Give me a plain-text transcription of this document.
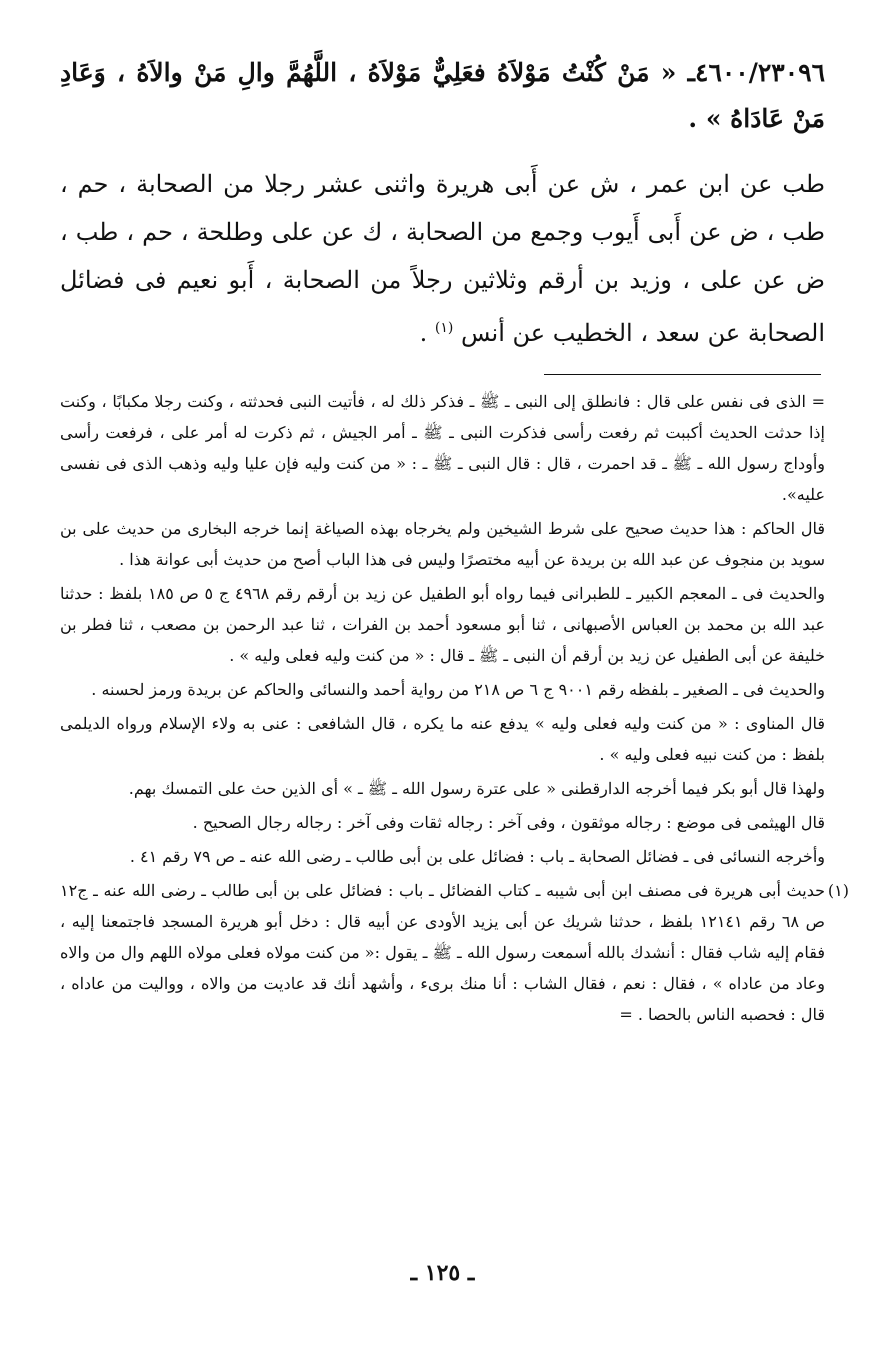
٤٦٠٠/٢٣٠٩٦ـ « مَنْ كُنْتُ مَوْلاَهُ فعَلِيٌّ مَوْلاَهُ ، اللَّهُمَّ والِ مَنْ والاَهُ ، وَعَادِ مَنْ عَادَاهُ » .
طب عن ابن عمر ، ش عن أَبى هريرة واثنى عشر رجلا من الصحابة ، حم ، طب ، ض عن أَبى أَيوب وجمع من الصحابة ، ك عن على وطلحة ، حم ، طب ، ض عن على ، وزيد بن أرقم وثلاثين رجلاً من الصحابة ، أَبو نعيم فى فضائل الصحابة عن سعد ، الخطيب عن أنس $^{(١)}$ .

= الذى فى نفس على قال : فانطلق إلى النبى ـ ﷺ ـ فذكر ذلك له ، فأتيت النبى فحدثته ، وكنت رجلا مكبابًا ، وكنت إذا حدثت الحديث أكببت ثم رفعت رأسى فذكرت النبى ـ ﷺ ـ أمر الجيش ، ثم ذكرت له أمر على ، فرفعت رأسى وأوداج رسول الله ـ ﷺ ـ قد احمرت ، قال : قال النبى ـ ﷺ ـ : « من كنت وليه فإن عليا وليه وذهب الذى فى نفسى عليه».

قال الحاكم : هذا حديث صحيح على شرط الشيخين ولم يخرجاه بهذه الصياغة إنما خرجه البخارى من حديث على بن سويد بن منجوف عن عبد الله بن بريدة عن أبيه مختصرًا وليس فى هذا الباب أصح من حديث أبى عوانة هذا .

والحديث فى ـ المعجم الكبير ـ للطبرانى فيما رواه أبو الطفيل عن زيد بن أرقم رقم ٤٩٦٨ ج ٥ ص ١٨٥ بلفظ : حدثنا عبد الله بن محمد بن العباس الأصبهانى ، ثنا أبو مسعود أحمد بن الفرات ، ثنا عبد الرحمن بن مصعب ، ثنا فطر بن خليفة عن أبى الطفيل عن زيد بن أرقم أن النبى ـ ﷺ ـ قال : « من كنت وليه فعلى وليه » .

والحديث فى ـ الصغير ـ بلفظه رقم ٩٠٠١ ج ٦ ص ٢١٨ من رواية أحمد والنسائى والحاكم عن بريدة ورمز لحسنه .

قال المناوى : « من كنت وليه فعلى وليه » يدفع عنه ما يكره ، قال الشافعى : عنى به ولاء الإسلام ورواه الديلمى بلفظ : من كنت نبيه فعلى وليه » .

ولهذا قال أبو بكر فيما أخرجه الدارقطنى « على عترة رسول الله ـ ﷺ ـ » أى الذين حث على التمسك بهم.

قال الهيثمى فى موضع : رجاله موثقون ، وفى آخر : رجاله ثقات وفى آخر : رجاله رجال الصحيح .

وأخرجه النسائى فى ـ فضائل الصحابة ـ باب : فضائل على بن أبى طالب ـ رضى الله عنه ـ ص ٧٩ رقم ٤١ .

(١)
حديث أبى هريرة فى مصنف ابن أبى شيبه ـ كتاب الفضائل ـ باب : فضائل على بن أبى طالب ـ رضى الله عنه ـ ج١٢ ص ٦٨ رقم ١٢١٤١ بلفظ ، حدثنا شريك عن أبى يزيد الأودى عن أبيه قال : دخل أبو هريرة المسجد فاجتمعنا إليه ، فقام إليه شاب فقال : أنشدك بالله أسمعت رسول الله ـ ﷺ ـ يقول :« من كنت مولاه فعلى مولاه اللهم وال من والاه وعاد من عاداه » ، فقال : نعم ، فقال الشاب : أنا منك برىء ، وأشهد أنك قد عاديت من والاه ، وواليت من عاداه ، قال : فحصبه الناس بالحصا . =

ـ ١٢٥ ـ
